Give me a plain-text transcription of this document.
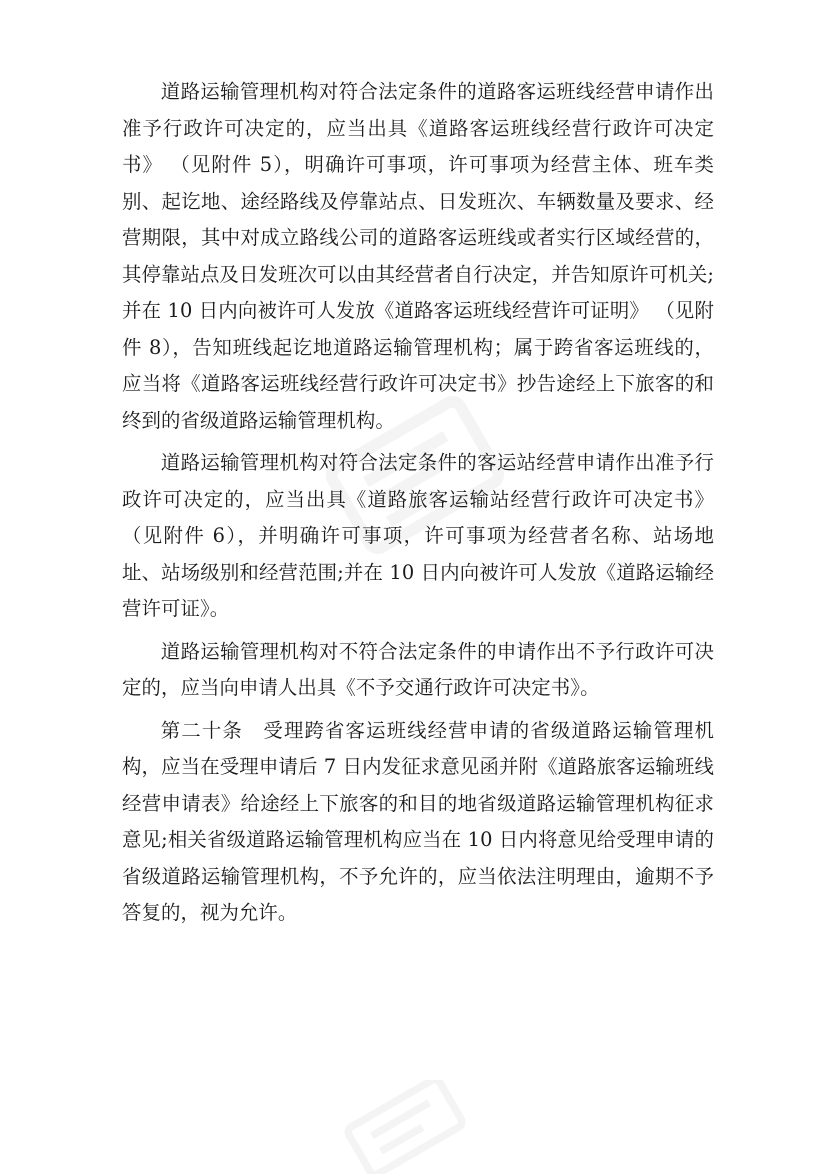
道路运输管理机构对符合法定条件的道路客运班线经营申请作出准予行政许可决定的，应当出具《道路客运班线经营行政许可决定书》 （见附件 5），明确许可事项，许可事项为经营主体、班车类别、起讫地、途经路线及停靠站点、日发班次、车辆数量及要求、经营期限，其中对成立路线公司的道路客运班线或者实行区域经营的，其停靠站点及日发班次可以由其经营者自行决定，并告知原许可机关;并在 10 日内向被许可人发放《道路客运班线经营许可证明》 （见附件 8），告知班线起讫地道路运输管理机构；属于跨省客运班线的，应当将《道路客运班线经营行政许可决定书》抄告途经上下旅客的和终到的省级道路运输管理机构。

道路运输管理机构对符合法定条件的客运站经营申请作出准予行政许可决定的，应当出具《道路旅客运输站经营行政许可决定书》 （见附件 6），并明确许可事项，许可事项为经营者名称、站场地址、站场级别和经营范围;并在 10 日内向被许可人发放《道路运输经营许可证》。

道路运输管理机构对不符合法定条件的申请作出不予行政许可决定的，应当向申请人出具《不予交通行政许可决定书》。

第二十条　受理跨省客运班线经营申请的省级道路运输管理机构，应当在受理申请后 7 日内发征求意见函并附《道路旅客运输班线经营申请表》给途经上下旅客的和目的地省级道路运输管理机构征求意见;相关省级道路运输管理机构应当在 10 日内将意见给受理申请的省级道路运输管理机构，不予允许的，应当依法注明理由，逾期不予答复的，视为允许。
